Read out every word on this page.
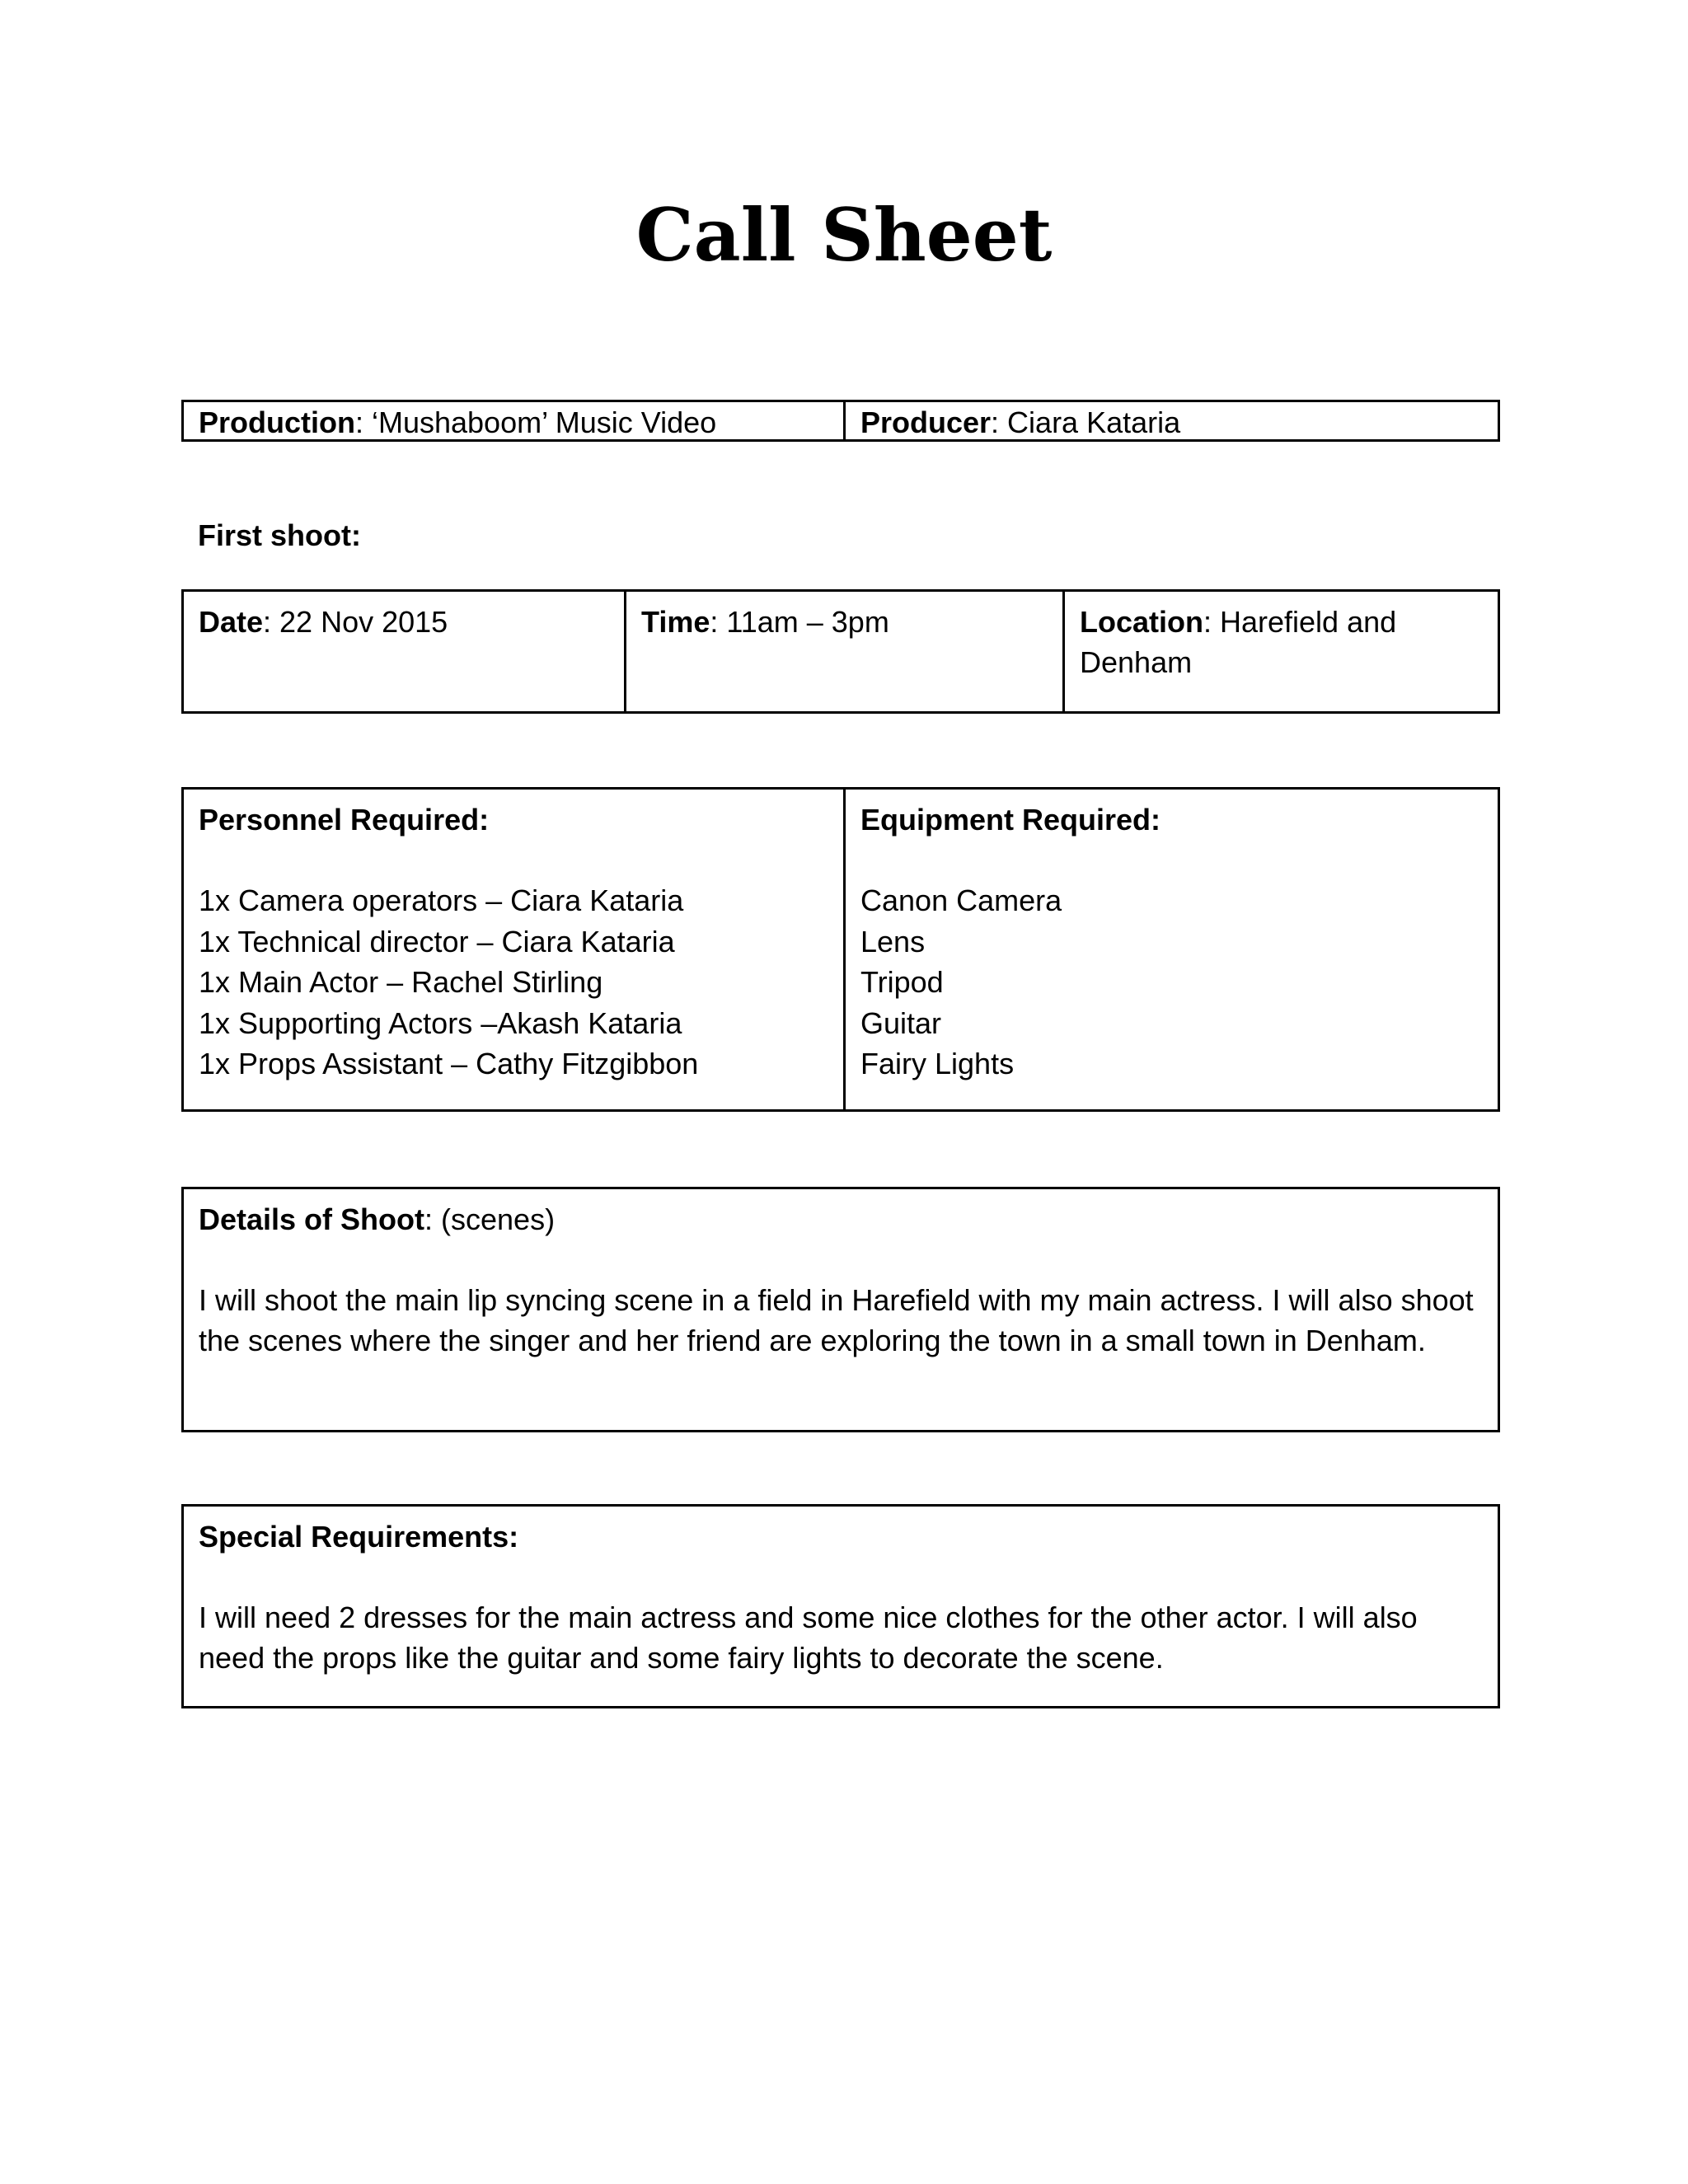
Call Sheet
Production: ‘Mushaboom’ Music Video	Producer: Ciara Kataria
First shoot:
Date: 22 Nov 2015	Time: 11am – 3pm	Location: Harefield and
Denham
Personnel Required:
1x Camera operators – Ciara Kataria
1x Technical director – Ciara Kataria
1x Main Actor – Rachel Stirling
1x Supporting Actors –Akash Kataria
1x Props Assistant – Cathy Fitzgibbon
Equipment Required:
Canon Camera
Lens
Tripod
Guitar
Fairy Lights
Details of Shoot: (scenes)
I will shoot the main lip syncing scene in a field in Harefield with my main actress. I will also shoot the scenes where the singer and her friend are exploring the town in a small town in Denham.
Special Requirements:
I will need 2 dresses for the main actress and some nice clothes for the other actor. I will also need the props like the guitar and some fairy lights to decorate the scene.
